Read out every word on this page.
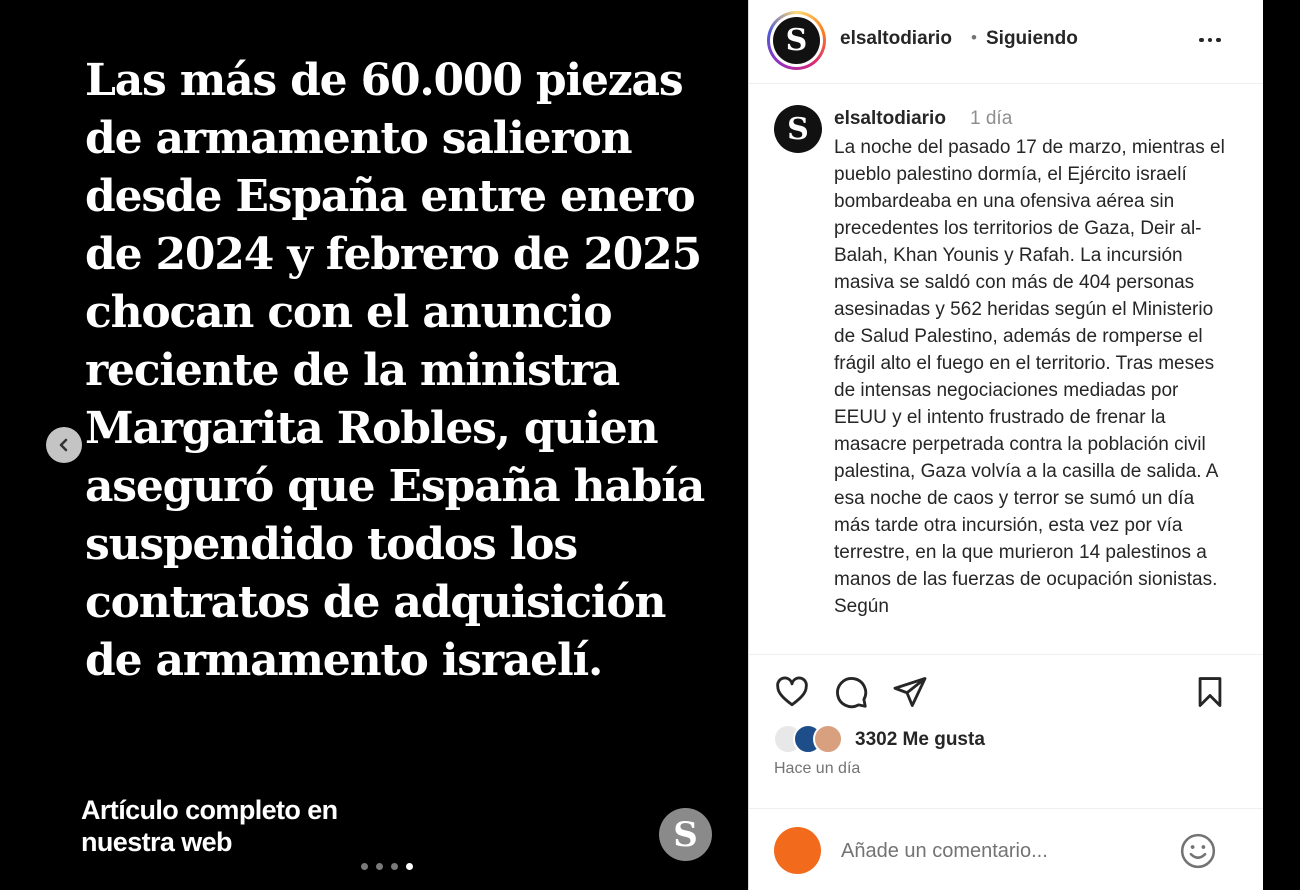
Las más de 60.000 piezas de armamento salieron desde España entre enero de 2024 y febrero de 2025 chocan con el anuncio reciente de la ministra Margarita Robles, quien aseguró que España había suspendido todos los contratos de adquisición de armamento israelí.
Artículo completo en nuestra web	S
S	elsaltodiario • Siguiendo
S	elsaltodiario 1 día
La noche del pasado 17 de marzo, mientras el pueblo palestino dormía, el Ejército israelí bombardeaba en una ofensiva aérea sin precedentes los territorios de Gaza, Deir al-Balah, Khan Younis y Rafah. La incursión masiva se saldó con más de 404 personas asesinadas y 562 heridas según el Ministerio de Salud Palestino, además de romperse el frágil alto el fuego en el territorio. Tras meses de intensas negociaciones mediadas por EEUU y el intento frustrado de frenar la masacre perpetrada contra la población civil palestina, Gaza volvía a la casilla de salida. A esa noche de caos y terror se sumó un día más tarde otra incursión, esta vez por vía terrestre, en la que murieron 14 palestinos a manos de las fuerzas de ocupación sionistas. Según
3302 Me gusta
Hace un día
Añade un comentario...
